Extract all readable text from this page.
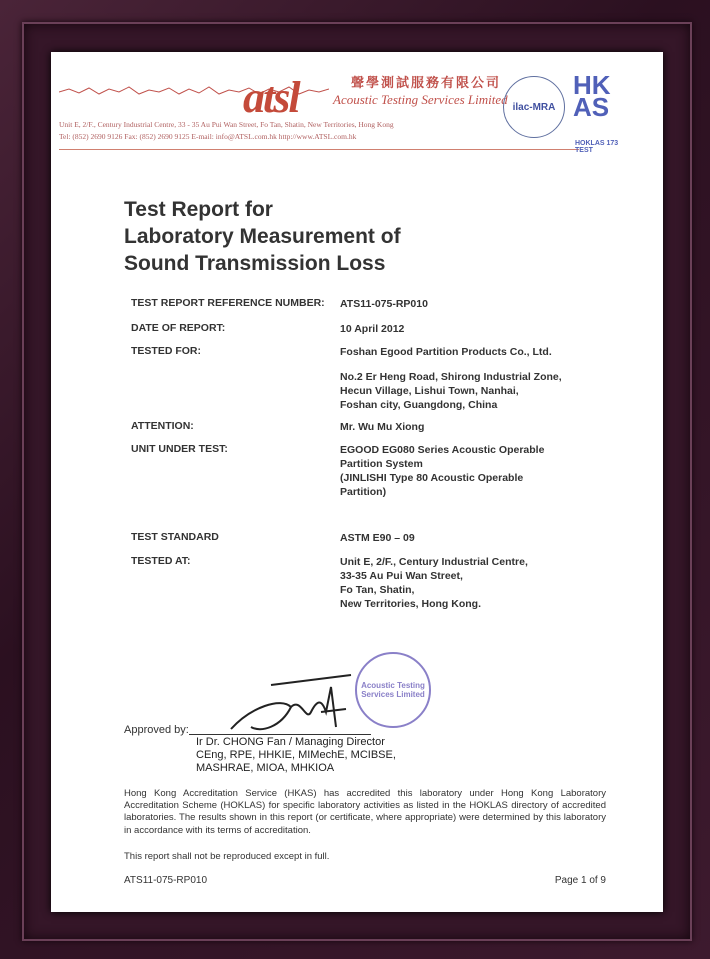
atsl	聲學測試服務有限公司
Acoustic Testing Services Limited
Unit E, 2/F., Century Industrial Centre, 33 - 35 Au Pui Wan Street, Fo Tan, Shatin, New Territories, Hong Kong
Tel: (852) 2690 9126 Fax: (852) 2690 9125 E-mail: info@ATSL.com.hk http://www.ATSL.com.hk
ilac-MRA
HK AS
HOKLAS 173
TEST
Test Report for
Laboratory Measurement of
Sound Transmission Loss
TEST REPORT REFERENCE NUMBER: ATS11-075-RP010
DATE OF REPORT:	10 April 2012
TESTED FOR:	Foshan Egood Partition Products Co., Ltd.
No.2 Er Heng Road, Shirong Industrial Zone,
Hecun Village, Lishui Town, Nanhai,
Foshan city, Guangdong, China
ATTENTION:	Mr. Wu Mu Xiong
UNIT UNDER TEST:	EGOOD EG080 Series Acoustic Operable
Partition System
(JINLISHI Type 80 Acoustic Operable
Partition)
TEST STANDARD	ASTM E90 – 09
TESTED AT:	Unit E, 2/F., Century Industrial Centre,
33-35 Au Pui Wan Street,
Fo Tan, Shatin,
New Territories, Hong Kong.
Acoustic Testing Services Limited
Approved by:
Ir Dr. CHONG Fan / Managing Director
CEng, RPE, HHKIE, MIMechE, MCIBSE,
MASHRAE, MIOA, MHKIOA
Hong Kong Accreditation Service (HKAS) has accredited this laboratory under Hong Kong Laboratory Accreditation Scheme (HOKLAS) for specific laboratory activities as listed in the HOKLAS directory of accredited laboratories. The results shown in this report (or certificate, where appropriate) were determined by this laboratory in accordance with its terms of accreditation.
This report shall not be reproduced except in full.
ATS11-075-RP010	Page 1 of 9
